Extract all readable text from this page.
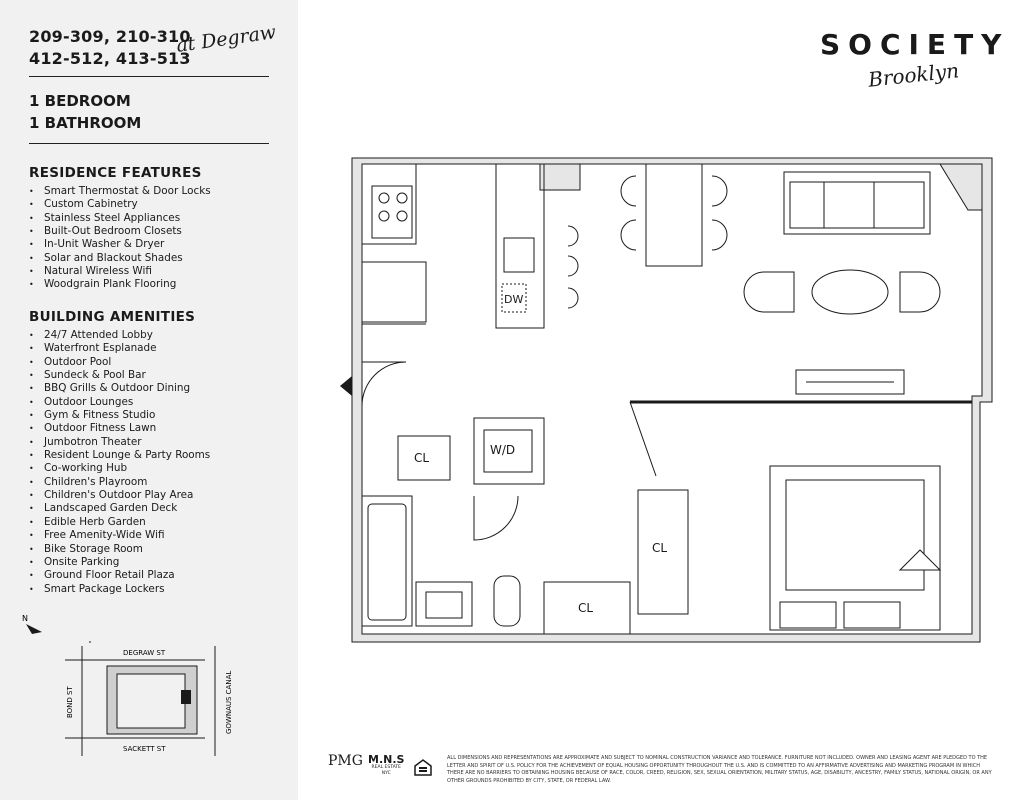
209-309, 210-310
412-512, 413-513
at Degraw
1 BEDROOM
1 BATHROOM
RESIDENCE FEATURES
• Smart Thermostat & Door Locks
• Custom Cabinetry
• Stainless Steel Appliances
• Built-Out Bedroom Closets
• In-Unit Washer & Dryer
• Solar and Blackout Shades
• Natural Wireless Wifi
• Woodgrain Plank Flooring
BUILDING AMENITIES
• 24/7 Attended Lobby
• Waterfront Esplanade
• Outdoor Pool
• Sundeck & Pool Bar
• BBQ Grills & Outdoor Dining
• Outdoor Lounges
• Gym & Fitness Studio
• Outdoor Fitness Lawn
• Jumbotron Theater
• Resident Lounge & Party Rooms
• Co-working Hub
• Children's Playroom
• Children's Outdoor Play Area
• Landscaped Garden Deck
• Edible Herb Garden
• Free Amenity-Wide Wifi
• Bike Storage Room
• Onsite Parking
• Ground Floor Retail Plaza
• Smart Package Lockers
N
DEGRAW ST
SACKETT ST
BOND ST	GOWNAUS CANAL
SOCIETY
Brooklyn
DW
CL
CL
CL
W/D
PMG M.N.S
REAL ESTATE
NYC
ALL DIMENSIONS AND REPRESENTATIONS ARE APPROXIMATE AND SUBJECT TO NOMINAL CONSTRUCTION VARIANCE AND TOLERANCE. FURNITURE NOT INCLUDED. OWNER AND LEASING AGENT ARE PLEDGED TO THE LETTER AND SPIRIT OF U.S. POLICY FOR THE ACHIEVEMENT OF EQUAL HOUSING OPPORTUNITY THROUGHOUT THE U.S. AND IS COMMITTED TO AN AFFIRMATIVE ADVERTISING AND MARKETING PROGRAM IN WHICH THERE ARE NO BARRIERS TO OBTAINING HOUSING BECAUSE OF RACE, COLOR, CREED, RELIGION, SEX, SEXUAL ORIENTATION, MILITARY STATUS, AGE, DISABILITY, ANCESTRY, FAMILY STATUS, NATIONAL ORIGIN, OR ANY OTHER GROUNDS PROHIBITED BY CITY, STATE, OR FEDERAL LAW.
